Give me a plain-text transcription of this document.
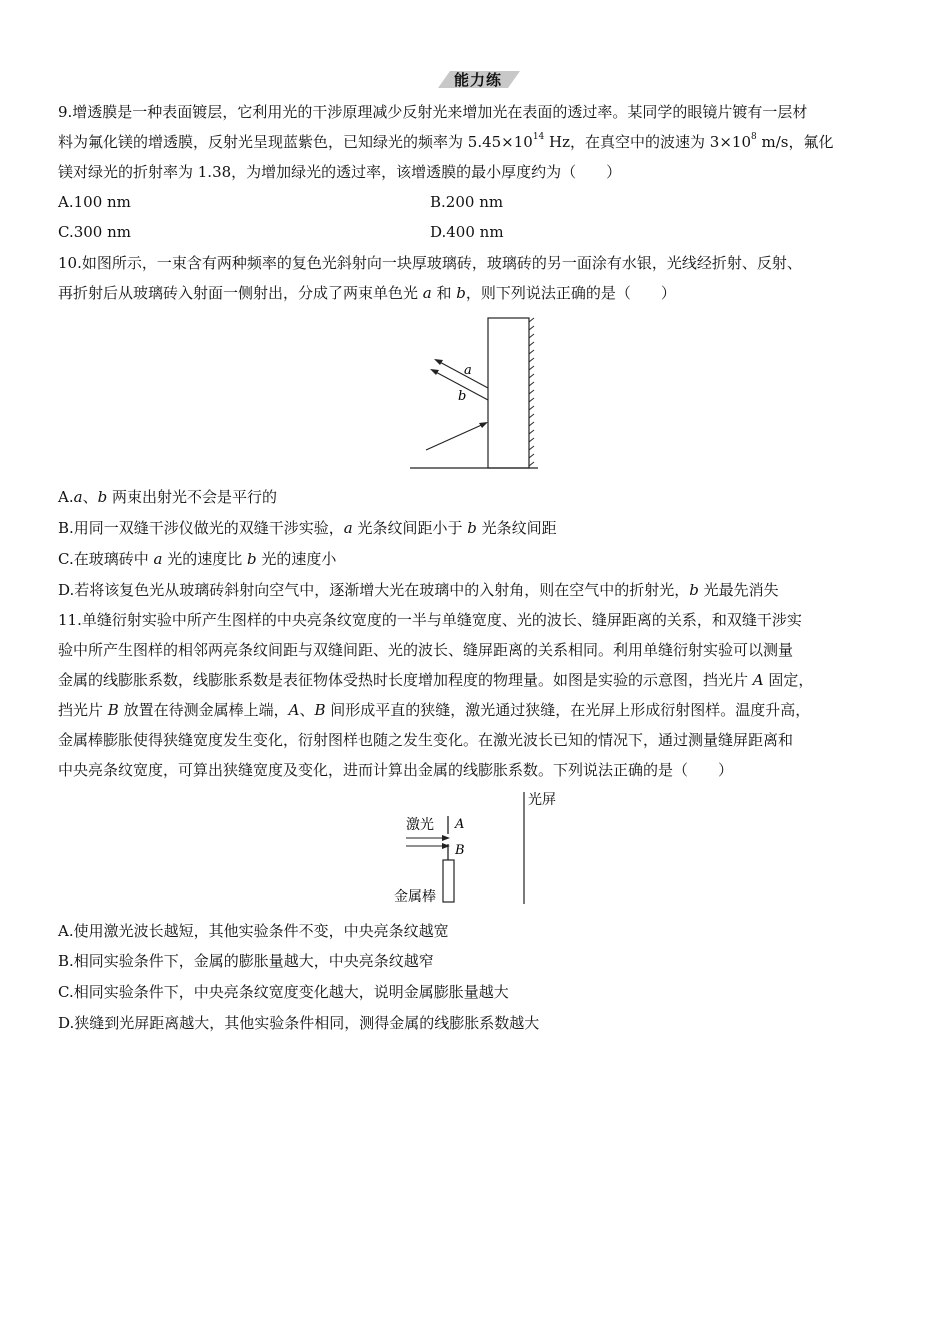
能力练
9.增透膜是一种表面镀层，它利用光的干涉原理减少反射光来增加光在表面的透过率。某同学的眼镜片镀有一层材
料为氟化镁的增透膜，反射光呈现蓝紫色，已知绿光的频率为 $5.45\times 10^{14}$ Hz，在真空中的波速为 $3\times 10^8$ m/s，氟化
镁对绿光的折射率为 1.38，为增加绿光的透过率，该增透膜的最小厚度约为（　　）
A.100 nm	B.200 nm
C.300 nm	D.400 nm
10.如图所示，一束含有两种频率的复色光斜射向一块厚玻璃砖，玻璃砖的另一面涂有水银，光线经折射、反射、
再折射后从玻璃砖入射面一侧射出，分成了两束单色光 a 和 b，则下列说法正确的是（　　）
a
b
A.a、b 两束出射光不会是平行的
B.用同一双缝干涉仪做光的双缝干涉实验，a 光条纹间距小于 b 光条纹间距
C.在玻璃砖中 a 光的速度比 b 光的速度小
D.若将该复色光从玻璃砖斜射向空气中，逐渐增大光在玻璃中的入射角，则在空气中的折射光，b 光最先消失
11.单缝衍射实验中所产生图样的中央亮条纹宽度的一半与单缝宽度、光的波长、缝屏距离的关系，和双缝干涉实
验中所产生图样的相邻两亮条纹间距与双缝间距、光的波长、缝屏距离的关系相同。利用单缝衍射实验可以测量
金属的线膨胀系数，线膨胀系数是表征物体受热时长度增加程度的物理量。如图是实验的示意图，挡光片 A 固定，
挡光片 B 放置在待测金属棒上端，A、B 间形成平直的狭缝，激光通过狭缝，在光屏上形成衍射图样。温度升高，
金属棒膨胀使得狭缝宽度发生变化，衍射图样也随之发生变化。在激光波长已知的情况下，通过测量缝屏距离和
中央亮条纹宽度，可算出狭缝宽度及变化，进而计算出金属的线膨胀系数。下列说法正确的是（　　）
光屏
激光 A
B
金属棒
A.使用激光波长越短，其他实验条件不变，中央亮条纹越宽
B.相同实验条件下，金属的膨胀量越大，中央亮条纹越窄
C.相同实验条件下，中央亮条纹宽度变化越大，说明金属膨胀量越大
D.狭缝到光屏距离越大，其他实验条件相同，测得金属的线膨胀系数越大
